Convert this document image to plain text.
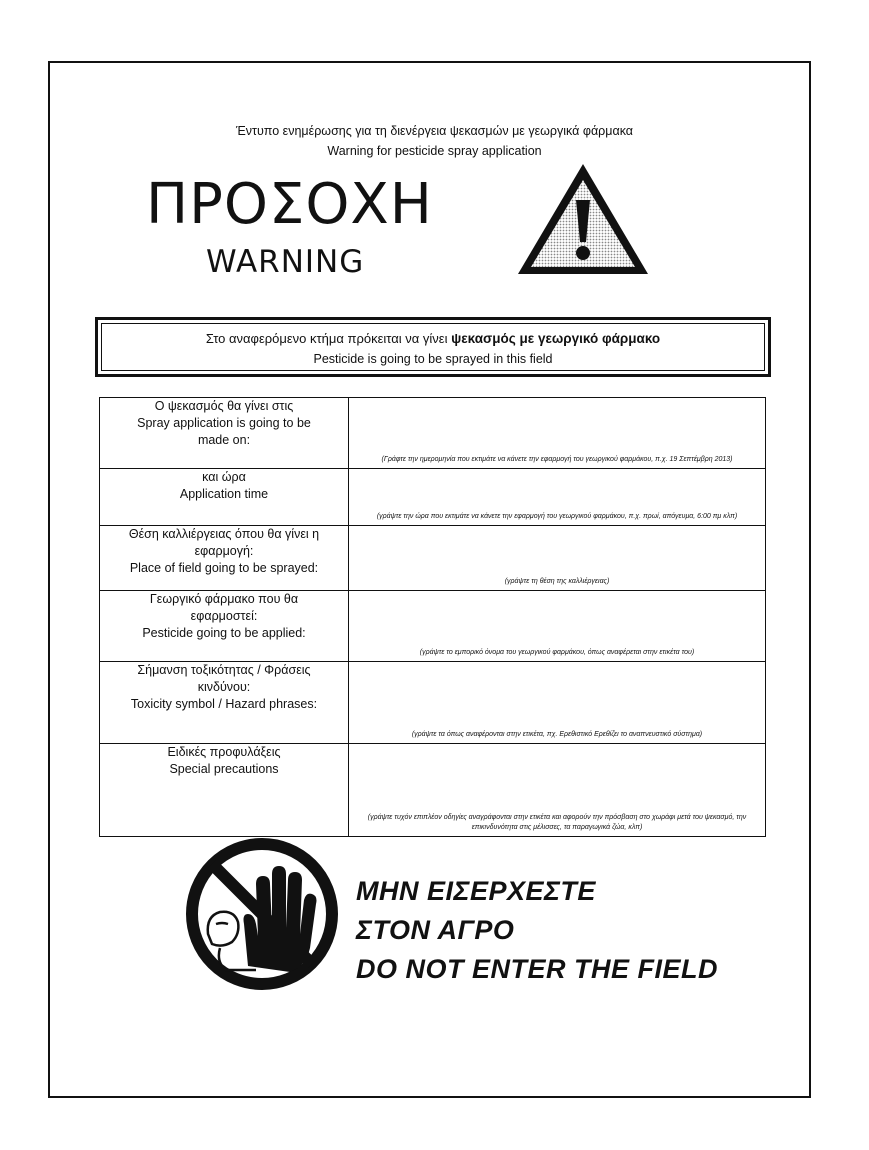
Έντυπο ενημέρωσης για τη διενέργεια ψεκασμών με γεωργικά φάρμακα
Warning for pesticide spray application
ΠΡΟΣΟΧΗ
WARNING
Στο αναφερόμενο κτήμα πρόκειται να γίνει ψεκασμός με γεωργικό φάρμακο
Pesticide is going to be sprayed in this field
Ο ψεκασμός θα γίνει στις
Spray application is going to be
made on:	(Γράφτε την ημερομηνία που εκτιμάτε να κάνετε την εφαρμογή του γεωργικού φαρμάκου, π.χ. 19 Σεπτέμβρη 2013)

και ώρα
Application time	(γράψτε την ώρα που εκτιμάτε να κάνετε την εφαρμογή του γεωργικού φαρμάκου, π.χ. πρωί, απόγευμα, 6:00 πμ κλπ)

Θέση καλλιέργειας όπου θα γίνει η
εφαρμογή:
Place of field going to be sprayed:	(γράψτε τη θέση της καλλιέργειας)

Γεωργικό φάρμακο που θα
εφαρμοστεί:
Pesticide going to be applied:	(γράψτε το εμπορικό όνομα του γεωργικού φαρμάκου, όπως αναφέρεται στην ετικέτα του)

Σήμανση τοξικότητας / Φράσεις
κινδύνου:
Toxicity symbol / Hazard phrases:	(γράψτε τα όπως αναφέρονται στην ετικέτα, πχ. Ερεθιστικό Ερεθίζει το αναπνευστικό σύστημα)

Ειδικές προφυλάξεις
Special precautions	(γράψτε τυχόν επιπλέον οδηγίες αναγράφονται στην ετικέτα και αφορούν την πρόσβαση στο χωράφι μετά του ψεκασμό, την επικινδυνότητα στις μέλισσες, τα παραγωγικά ζώα, κλπ)
ΜΗΝ ΕΙΣΕΡΧΕΣΤΕ
ΣΤΟΝ ΑΓΡΟ
DO NOT ENTER THE FIELD
